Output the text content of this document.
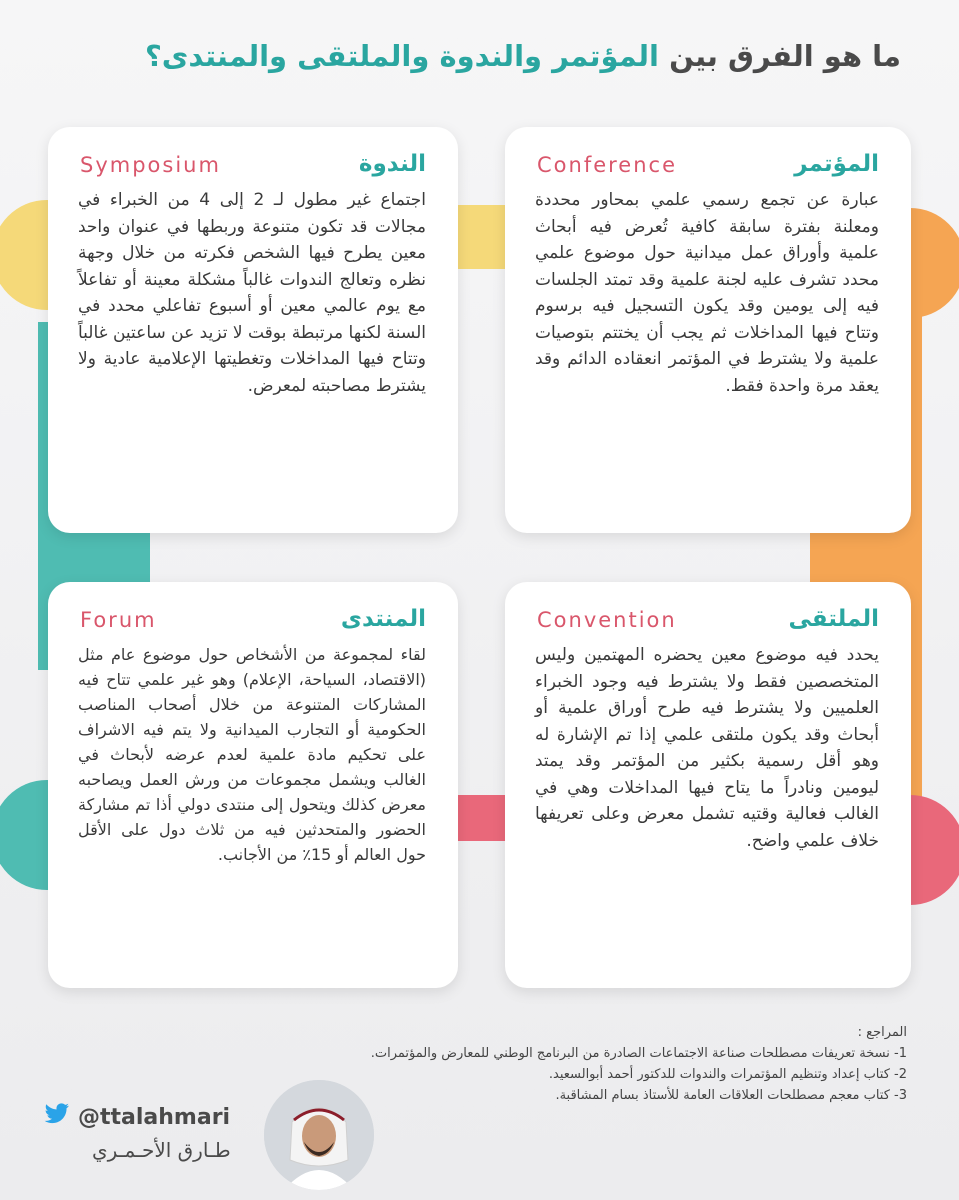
ما هو الفرق بين المؤتمر والندوة والملتقى والمنتدى؟
المؤتمر
Conference
عبارة عن تجمع رسمي علمي بمحاور محددة ومعلنة بفترة سابقة كافية تُعرض فيه أبحاث علمية وأوراق عمل ميدانية حول موضوع علمي محدد تشرف عليه لجنة علمية وقد تمتد الجلسات فيه إلى يومين وقد يكون التسجيل فيه برسوم وتتاح فيها المداخلات ثم يجب أن يختتم بتوصيات علمية ولا يشترط في المؤتمر انعقاده الدائم وقد يعقد مرة واحدة فقط.
الندوة
Symposium
اجتماع غير مطول لـ 2 إلى 4 من الخبراء في مجالات قد تكون متنوعة وربطها في عنوان واحد معين يطرح فيها الشخص فكرته من خلال وجهة نظره وتعالج الندوات غالباً مشكلة معينة أو تفاعلاً مع يوم عالمي معين أو أسبوع تفاعلي محدد في السنة لكنها مرتبطة بوقت لا تزيد عن ساعتين غالباً وتتاح فيها المداخلات وتغطيتها الإعلامية عادية ولا يشترط مصاحبته لمعرض.
الملتقى
Convention
يحدد فيه موضوع معين يحضره المهتمين وليس المتخصصين فقط ولا يشترط فيه وجود الخبراء العلميين ولا يشترط فيه طرح أوراق علمية أو أبحاث وقد يكون ملتقى علمي إذا تم الإشارة له وهو أقل رسمية بكثير من المؤتمر وقد يمتد ليومين ونادراً ما يتاح فيها المداخلات وهي في الغالب فعالية وقتيه تشمل معرض وعلى تعريفها خلاف علمي واضح.
المنتدى
Forum
لقاء لمجموعة من الأشخاص حول موضوع عام مثل (الاقتصاد، السياحة، الإعلام) وهو غير علمي تتاح فيه المشاركات المتنوعة من خلال أصحاب المناصب الحكومية أو التجارب الميدانية ولا يتم فيه الاشراف على تحكيم مادة علمية لعدم عرضه لأبحاث في الغالب ويشمل مجموعات من ورش العمل ويصاحبه معرض كذلك ويتحول إلى منتدى دولي أذا تم مشاركة الحضور والمتحدثين فيه من ثلاث دول على الأقل حول العالم أو 15٪ من الأجانب.

المراجع :

1- نسخة تعريفات مصطلحات صناعة الاجتماعات الصادرة من البرنامج الوطني للمعارض والمؤتمرات.

2- كتاب إعداد وتنظيم المؤتمرات والندوات للدكتور أحمد أبوالسعيد.

3- كتاب معجم مصطلحات العلاقات العامة للأستاذ بسام المشاقبة.

@ttalahmari
طـارق الأحـمـري
